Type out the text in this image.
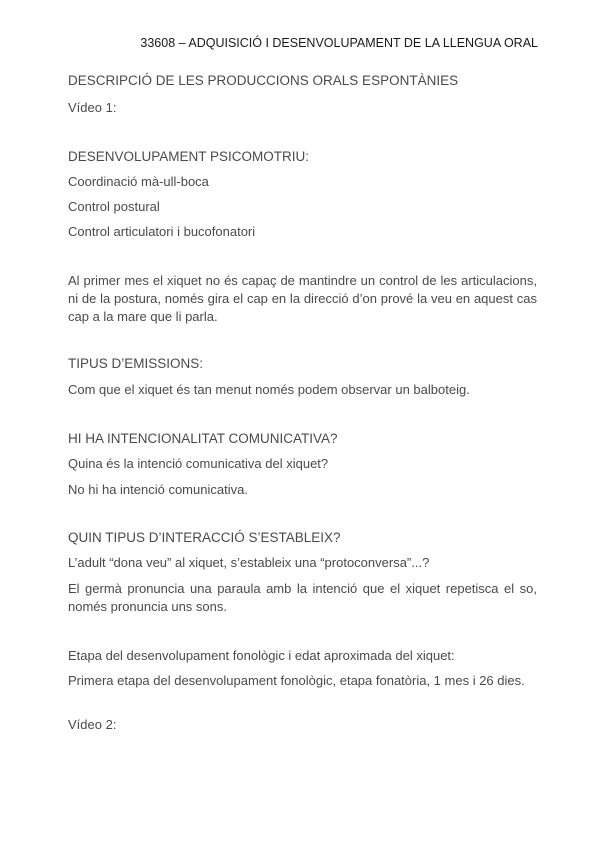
33608 – ADQUISICIÓ I DESENVOLUPAMENT DE LA LLENGUA ORAL
DESCRIPCIÓ DE LES PRODUCCIONS ORALS ESPONTÀNIES
Vídeo 1:
DESENVOLUPAMENT PSICOMOTRIU:
Coordinació mà-ull-boca
Control postural
Control articulatori i bucofonatori
Al primer mes el xiquet no és capaç de mantindre un control de les articulacions, ni de la postura, només gira el cap en la direcció d’on prové la veu en aquest cas cap a la mare que li parla.
TIPUS D’EMISSIONS:
Com que el xiquet és tan menut només podem observar un balboteig.
HI HA INTENCIONALITAT COMUNICATIVA?
Quina és la intenció comunicativa del xiquet?
No hi ha intenció comunicativa.
QUIN TIPUS D’INTERACCIÓ S’ESTABLEIX?
L’adult “dona veu” al xiquet, s’estableix una “protoconversa”...?
El germà pronuncia una paraula amb la intenció que el xiquet repetisca el so, només pronuncia uns sons.
Etapa del desenvolupament fonològic i edat aproximada del xiquet:
Primera etapa del desenvolupament fonològic, etapa fonatòria, 1 mes i 26 dies.
Vídeo 2:
